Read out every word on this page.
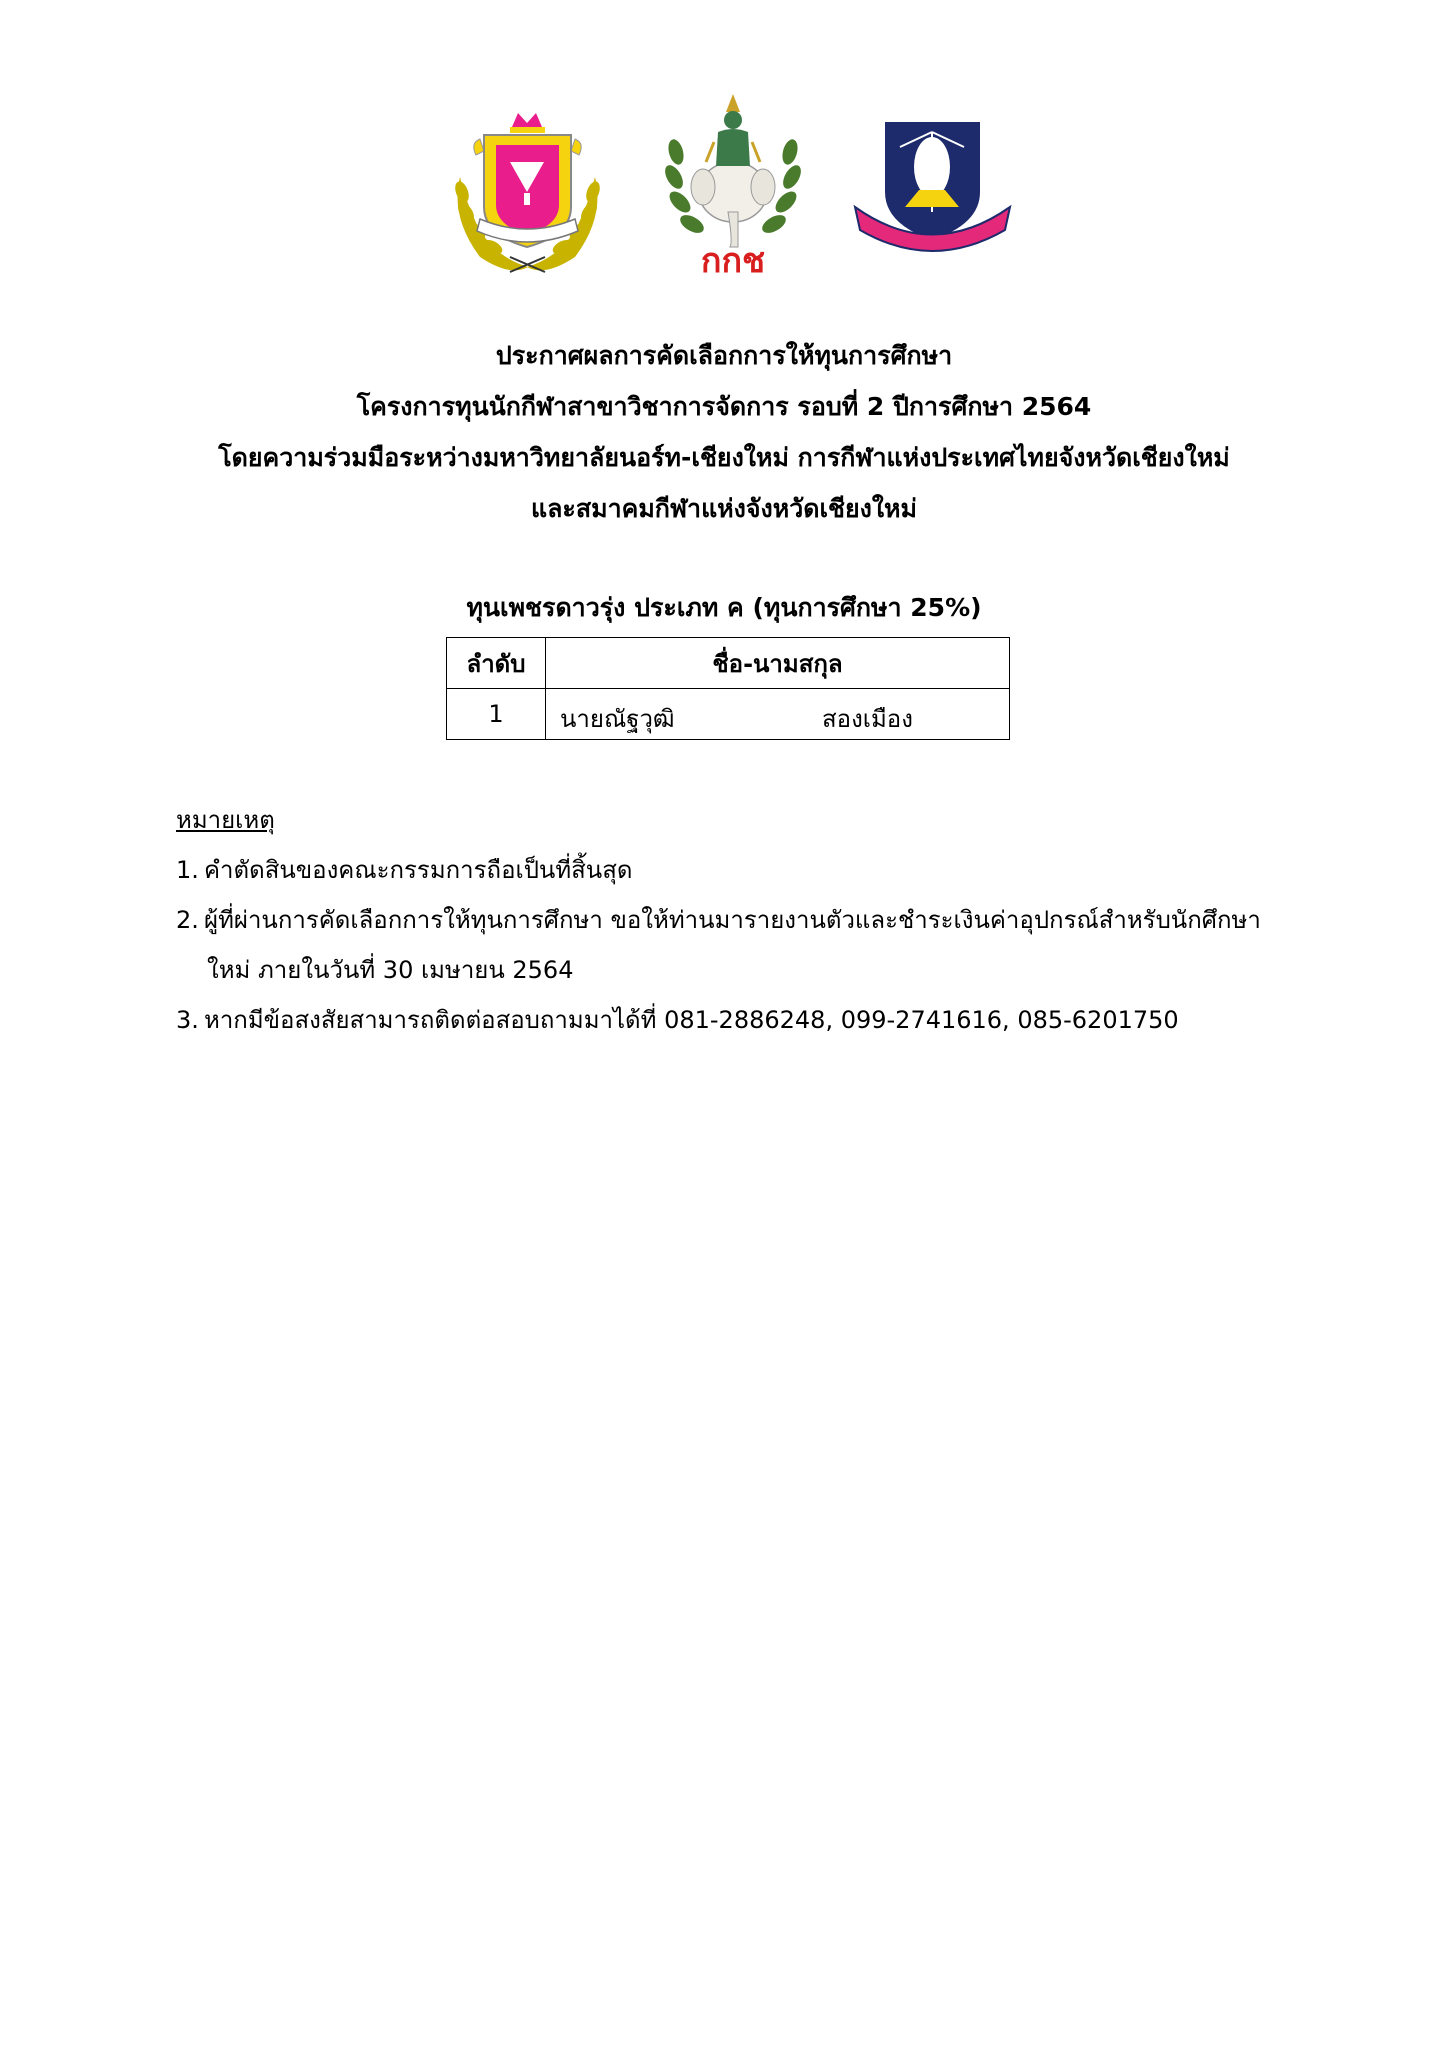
กกช
ประกาศผลการคัดเลือกการให้ทุนการศึกษา
โครงการทุนนักกีฬาสาขาวิชาการจัดการ รอบที่ 2 ปีการศึกษา 2564
โดยความร่วมมือระหว่างมหาวิทยาลัยนอร์ท-เชียงใหม่ การกีฬาแห่งประเทศไทยจังหวัดเชียงใหม่
และสมาคมกีฬาแห่งจังหวัดเชียงใหม่
ทุนเพชรดาวรุ่ง ประเภท ค (ทุนการศึกษา 25%)
ลำดับ	ชื่อ-นามสกุล
1	นายณัฐวุฒิ สองเมือง
หมายเหตุ
1. คำตัดสินของคณะกรรมการถือเป็นที่สิ้นสุด
2. ผู้ที่ผ่านการคัดเลือกการให้ทุนการศึกษา ขอให้ท่านมารายงานตัวและชำระเงินค่าอุปกรณ์สำหรับนักศึกษา
ใหม่ ภายในวันที่ 30 เมษายน 2564
3. หากมีข้อสงสัยสามารถติดต่อสอบถามมาได้ที่ 081-2886248, 099-2741616, 085-6201750
